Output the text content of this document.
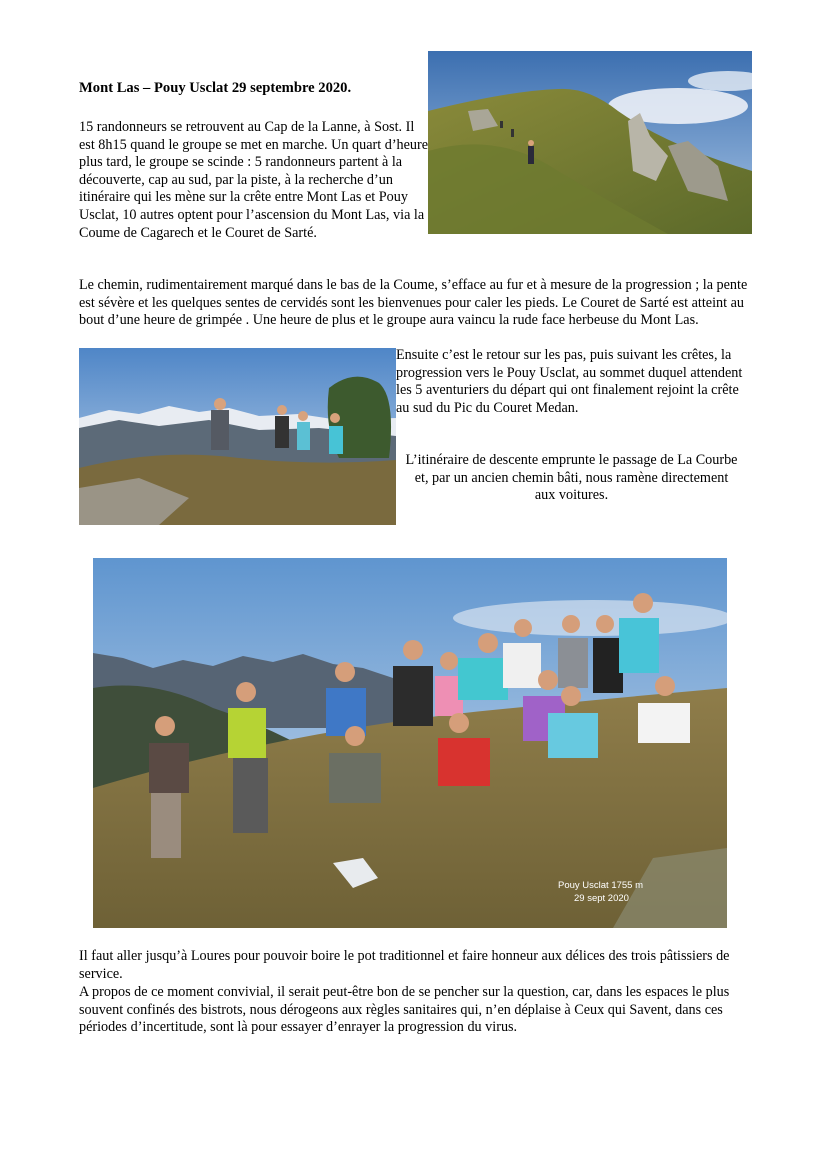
Mont Las – Pouy Usclat 29 septembre 2020.

15 randonneurs se retrouvent au Cap de la Lanne, à Sost. Il est 8h15 quand le groupe se met en marche. Un quart d’heure plus tard, le groupe se scinde : 5 randonneurs partent à la découverte, cap au sud, par la piste, à la recherche d’un itinéraire qui les mène sur la crête entre Mont Las et Pouy Usclat, 10 autres optent pour l’ascension du Mont Las, via la Coume de Cagarech et le Couret de Sarté.

Le chemin, rudimentairement marqué dans le bas de la Coume, s’efface au fur et à mesure de la progression ; la pente est sévère et les quelques sentes de cervidés sont les bienvenues pour caler les pieds. Le Couret de Sarté est atteint au bout d’une heure de grimpée . Une heure de plus et le groupe aura vaincu la rude face herbeuse du Mont Las.

Ensuite c’est le retour sur les pas, puis suivant les crêtes, la progression vers le Pouy Usclat, au sommet duquel attendent les 5 aventuriers du départ qui ont finalement rejoint la crête au sud du Pic du Couret Medan.

L’itinéraire de descente emprunte le passage de La Courbe et, par un ancien chemin bâti, nous ramène directement aux voitures.

Pouy Usclat 1755 m
29 sept 2020

Il faut aller jusqu’à Loures pour pouvoir boire le pot traditionnel et faire honneur aux délices des trois pâtissiers de service.

A propos de ce moment convivial, il serait peut-être bon de se pencher sur la question, car, dans les espaces le plus souvent confinés des bistrots, nous dérogeons aux règles sanitaires qui, n’en déplaise à Ceux qui Savent, dans ces périodes d’incertitude, sont là pour essayer d’enrayer la progression du virus.
